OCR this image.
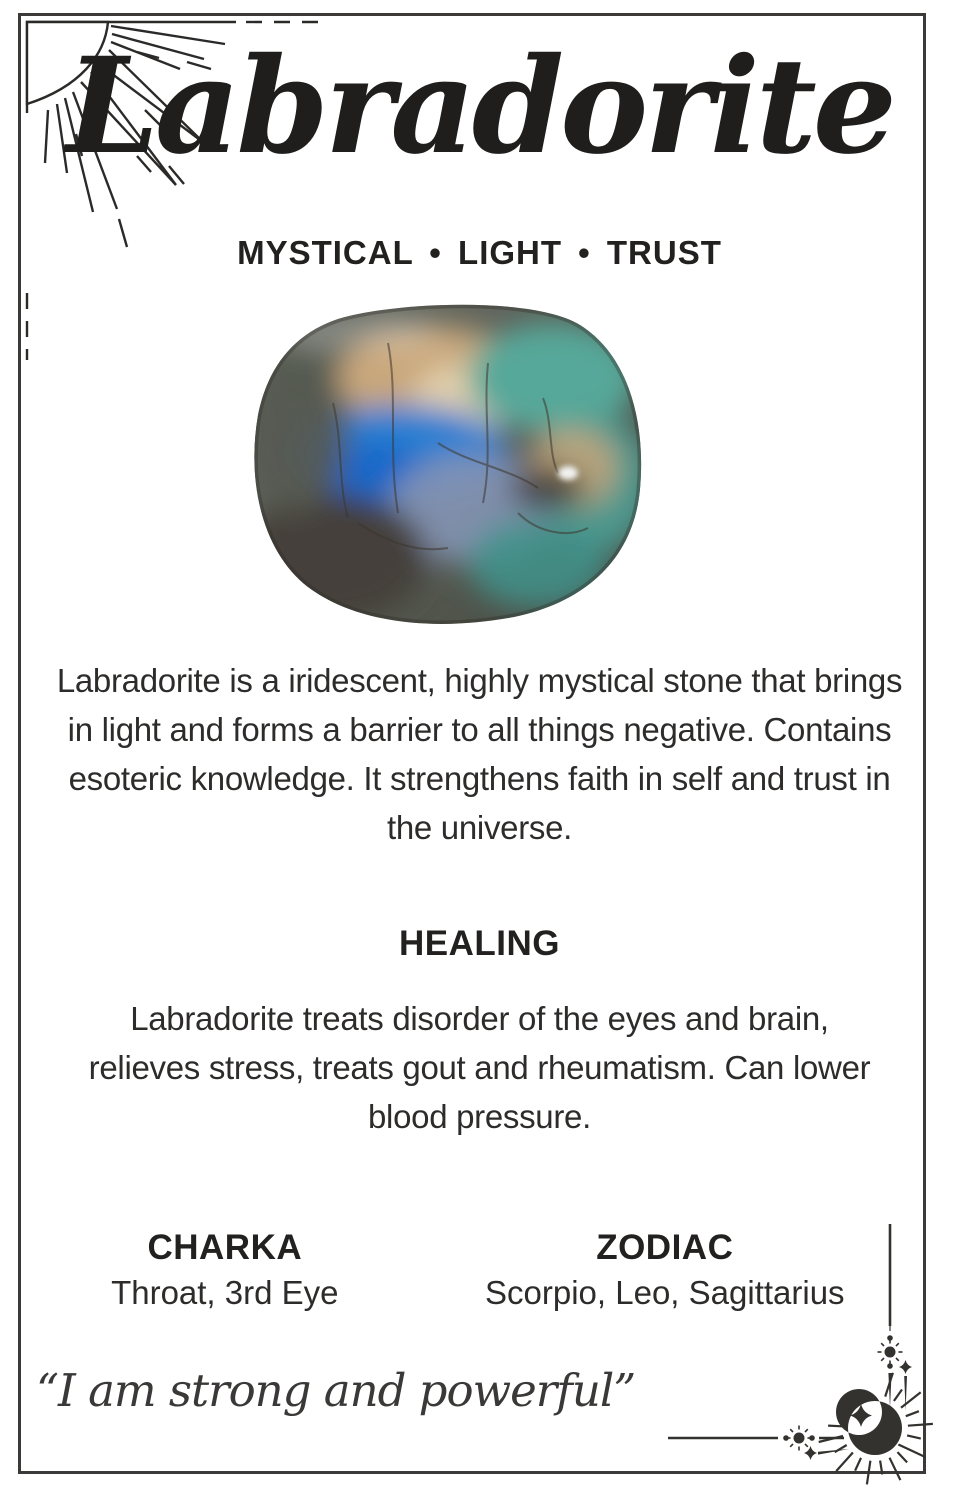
Labradorite
MYSTICAL • LIGHT • TRUST
Labradorite is a iridescent, highly mystical stone that brings in light and forms a barrier to all things negative. Contains esoteric knowledge. It strengthens faith in self and trust in the universe.
HEALING
Labradorite treats disorder of the eyes and brain, relieves stress, treats gout and rheumatism. Can lower blood pressure.
CHARKA
Throat, 3rd Eye
ZODIAC
Scorpio, Leo, Sagittarius
“I am strong and powerful”
